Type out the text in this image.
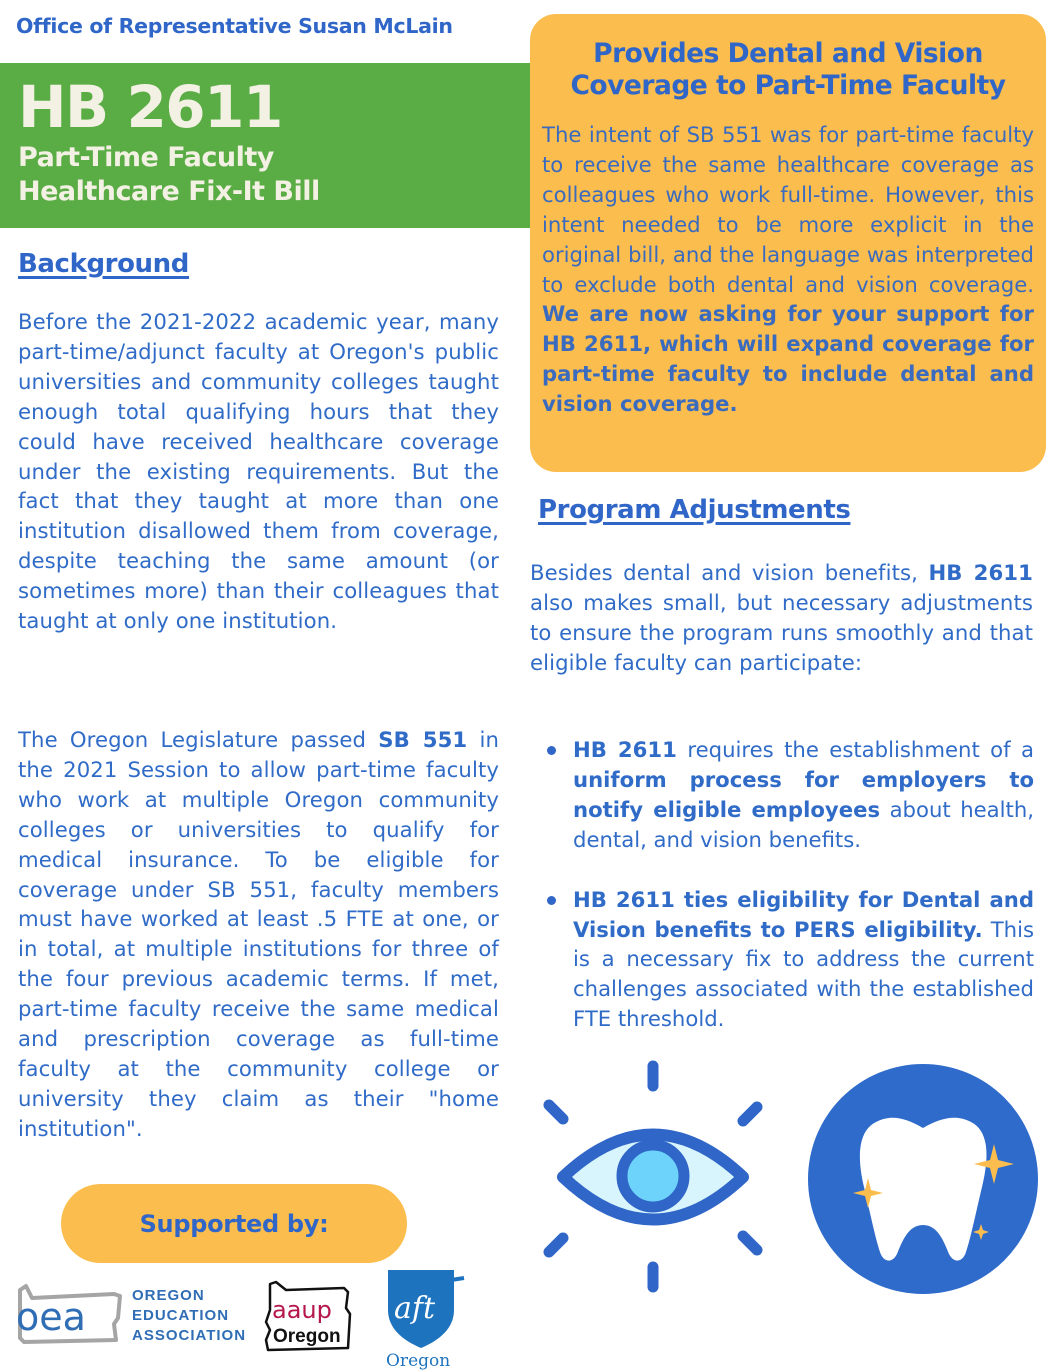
Office of Representative Susan McLain
HB 2611
Part-Time Faculty
Healthcare Fix-It Bill
Background

Before the 2021-2022 academic year, many part-time/adjunct faculty at Oregon's public universities and community colleges taught enough total qualifying hours that they could have received healthcare coverage under the existing requirements. But the fact that they taught at more than one institution disallowed them from coverage, despite teaching the same amount (or sometimes more) than their colleagues that taught at only one institution.

The Oregon Legislature passed SB 551 in the 2021 Session to allow part-time faculty who work at multiple Oregon community colleges or universities to qualify for medical insurance. To be eligible for coverage under SB 551, faculty members must have worked at least .5 FTE at one, or in total, at multiple institutions for three of the four previous academic terms. If met, part-time faculty receive the same medical and prescription coverage as full-time faculty at the community college or university they claim as their "home institution".

Provides Dental and Vision
Coverage to Part-Time Faculty

The intent of SB 551 was for part-time faculty to receive the same healthcare coverage as colleagues who work full-time. However, this intent needed to be more explicit in the original bill, and the language was interpreted to exclude both dental and vision coverage. We are now asking for your support for HB 2611, which will expand coverage for part-time faculty to include dental and vision coverage.

Program Adjustments

Besides dental and vision benefits, HB 2611 also makes small, but necessary adjustments to ensure the program runs smoothly and that eligible faculty can participate:

HB 2611 requires the establishment of a uniform process for employers to notify eligible employees about health, dental, and vision benefits.
HB 2611 ties eligibility for Dental and Vision benefits to PERS eligibility. This is a necessary fix to address the current challenges associated with the established FTE threshold.
Supported by:
oea	OREGON
EDUCATION
ASSOCIATION
aaup
Oregon
aft
Oregon
